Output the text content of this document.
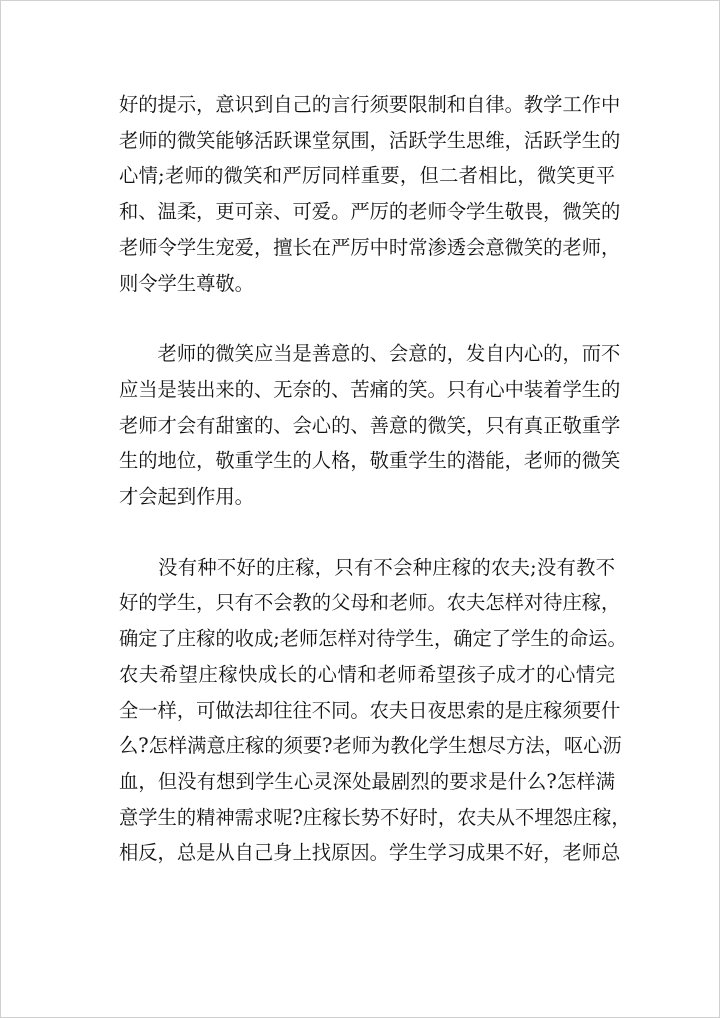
好的提示，意识到自己的言行须要限制和自律。教学工作中
老师的微笑能够活跃课堂氛围，活跃学生思维，活跃学生的
心情;老师的微笑和严厉同样重要，但二者相比，微笑更平
和、温柔，更可亲、可爱。严厉的老师令学生敬畏，微笑的
老师令学生宠爱，擅长在严厉中时常渗透会意微笑的老师，
则令学生尊敬。
　　老师的微笑应当是善意的、会意的，发自内心的，而不
应当是装出来的、无奈的、苦痛的笑。只有心中装着学生的
老师才会有甜蜜的、会心的、善意的微笑，只有真正敬重学
生的地位，敬重学生的人格，敬重学生的潜能，老师的微笑
才会起到作用。
　　没有种不好的庄稼，只有不会种庄稼的农夫;没有教不
好的学生，只有不会教的父母和老师。农夫怎样对待庄稼，
确定了庄稼的收成;老师怎样对待学生，确定了学生的命运。
农夫希望庄稼快成长的心情和老师希望孩子成才的心情完
全一样，可做法却往往不同。农夫日夜思索的是庄稼须要什
么?怎样满意庄稼的须要?老师为教化学生想尽方法，呕心沥
血，但没有想到学生心灵深处最剧烈的要求是什么?怎样满
意学生的精神需求呢?庄稼长势不好时，农夫从不埋怨庄稼，
相反，总是从自己身上找原因。学生学习成果不好，老师总
